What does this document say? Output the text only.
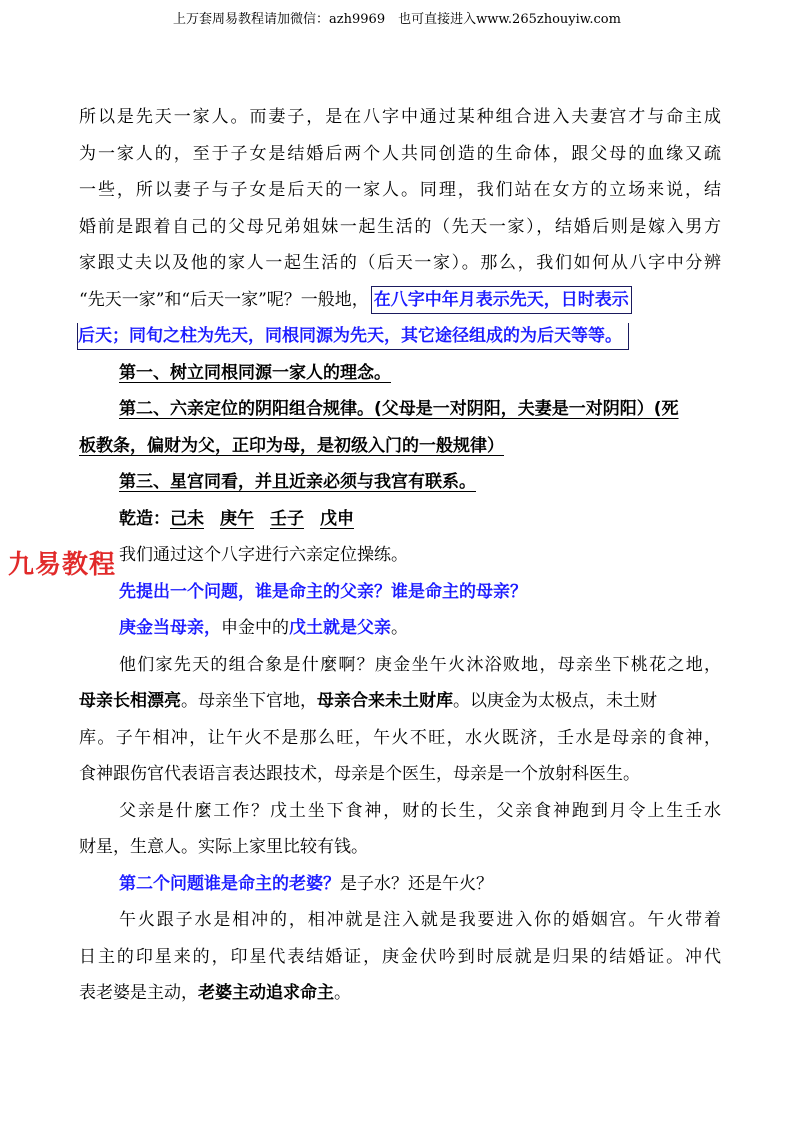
上万套周易教程请加微信：azh9969　也可直接进入www.265zhouyiw.com
所以是先天一家人。而妻子，是在八字中通过某种组合进入夫妻宫才与命主成
为一家人的，至于子女是结婚后两个人共同创造的生命体，跟父母的血缘又疏
一些，所以妻子与子女是后天的一家人。同理，我们站在女方的立场来说，结
婚前是跟着自己的父母兄弟姐妹一起生活的（先天一家），结婚后则是嫁入男方
家跟丈夫以及他的家人一起生活的（后天一家）。那么，我们如何从八字中分辨
“先天一家”和“后天一家”呢？一般地， 在八字中年月表示先天，日时表示
后天；同旬之柱为先天，同根同源为先天，其它途径组成的为后天等等。
第一、树立同根同源一家人的理念。
第二、六亲定位的阴阳组合规律。(父母是一对阴阳，夫妻是一对阴阳）(死
板教条，偏财为父，正印为母，是初级入门的一般规律）
第三、星宫同看，并且近亲必须与我宫有联系。
乾造：己未 庚午 壬子 戊申
我们通过这个八字进行六亲定位操练。
先提出一个问题，谁是命主的父亲？谁是命主的母亲？
庚金当母亲，申金中的戊土就是父亲。
他们家先天的组合象是什麼啊？庚金坐午火沐浴败地，母亲坐下桃花之地，
母亲长相漂亮。母亲坐下官地，母亲合来未土财库。以庚金为太极点，未土财
库。子午相冲，让午火不是那么旺，午火不旺，水火既济，壬水是母亲的食神，
食神跟伤官代表语言表达跟技术，母亲是个医生，母亲是一个放射科医生。
父亲是什麼工作？戊土坐下食神，财的长生，父亲食神跑到月令上生壬水
财星，生意人。实际上家里比较有钱。
第二个问题谁是命主的老婆？是子水？还是午火？
午火跟子水是相冲的，相冲就是注入就是我要进入你的婚姻宫。午火带着
日主的印星来的，印星代表结婚证，庚金伏吟到时辰就是归果的结婚证。冲代
表老婆是主动，老婆主动追求命主。
九易教程
